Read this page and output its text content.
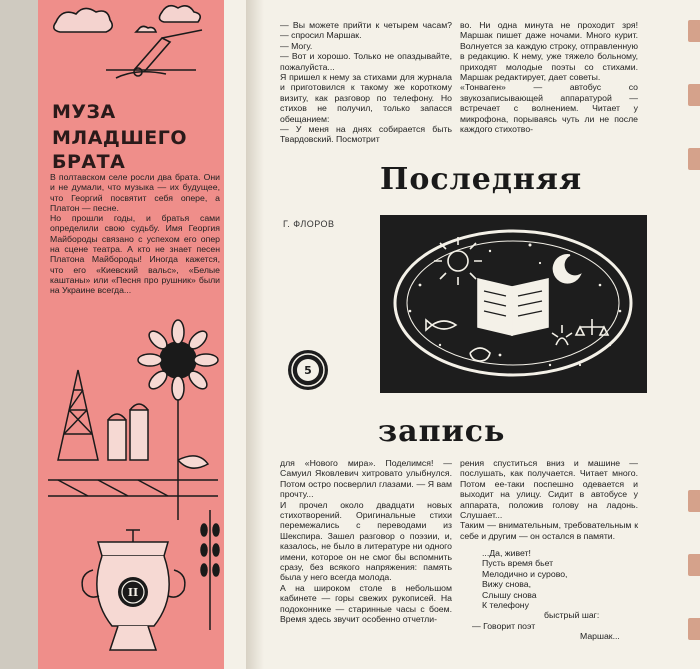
МУЗА
МЛАДШЕГО БРАТА
В полтавском селе росли два брата. Они и не думали, что музыка — их будущее, что Георгий посвятит себя опере, а Платон — песне.
Но прошли годы, и братья сами определили свою судьбу. Имя Георгия Майбороды связано с успехом его опер на сцене театра. А кто не знает песен Платона Майбороды! Иногда кажется, что его «Киевский вальс», «Белые каштаны» или «Песня про рушник» были на Украине всегда...
II
— Вы можете прийти к четырем часам? — спросил Маршак.
— Могу.
— Вот и хорошо. Только не опаздывайте, пожалуйста...
Я пришел к нему за стихами для журнала и приготовился к такому же короткому визиту, как разговор по телефону. Но стихов не получил, только запасся обещанием:
— У меня на днях собирается быть Твардовский. Посмотрит
во. Ни одна минута не проходит зря! Маршак пишет даже ночами. Много курит. Волнуется за каждую строку, отправленную в редакцию. К нему, уже тяжело больному, приходят молодые поэты со стихами. Маршак редактирует, дает советы.
«Тонваген» — автобус со звукозаписывающей аппаратурой — встречает с волнением. Читает у микрофона, порываясь чуть ли не после каждого стихотво-
Последняя
Г. ФЛОРОВ
5
запись
для «Нового мира». Поделимся! — Самуил Яковлевич хитровато улыбнулся. Потом остро посверлил глазами. — Я вам прочту...
И прочел около двадцати новых стихотворений. Оригинальные стихи перемежались с переводами из Шекспира. Зашел разговор о поэзии, и, казалось, не было в литературе ни одного имени, которое он не смог бы вспомнить сразу, без всякого напряжения: память была у него всегда молода.
А на широком столе в небольшом кабинете — горы свежих рукописей. На подоконнике — старинные часы с боем. Время здесь звучит особенно отчетли-
рения спуститься вниз и машине — послушать, как получается. Читает много. Потом ее-таки поспешно одевается и выходит на улицу. Сидит в автобусе у аппарата, положив голову на ладонь. Слушает...
Таким — внимательным, требовательным к себе и другим — он остался в памяти.
...Да, живет!
Пусть время бьет
Мелодично и сурово,
Вижу снова,
Слышу снова
К телефону
быстрый шаг:
— Говорит поэт
Маршак...
